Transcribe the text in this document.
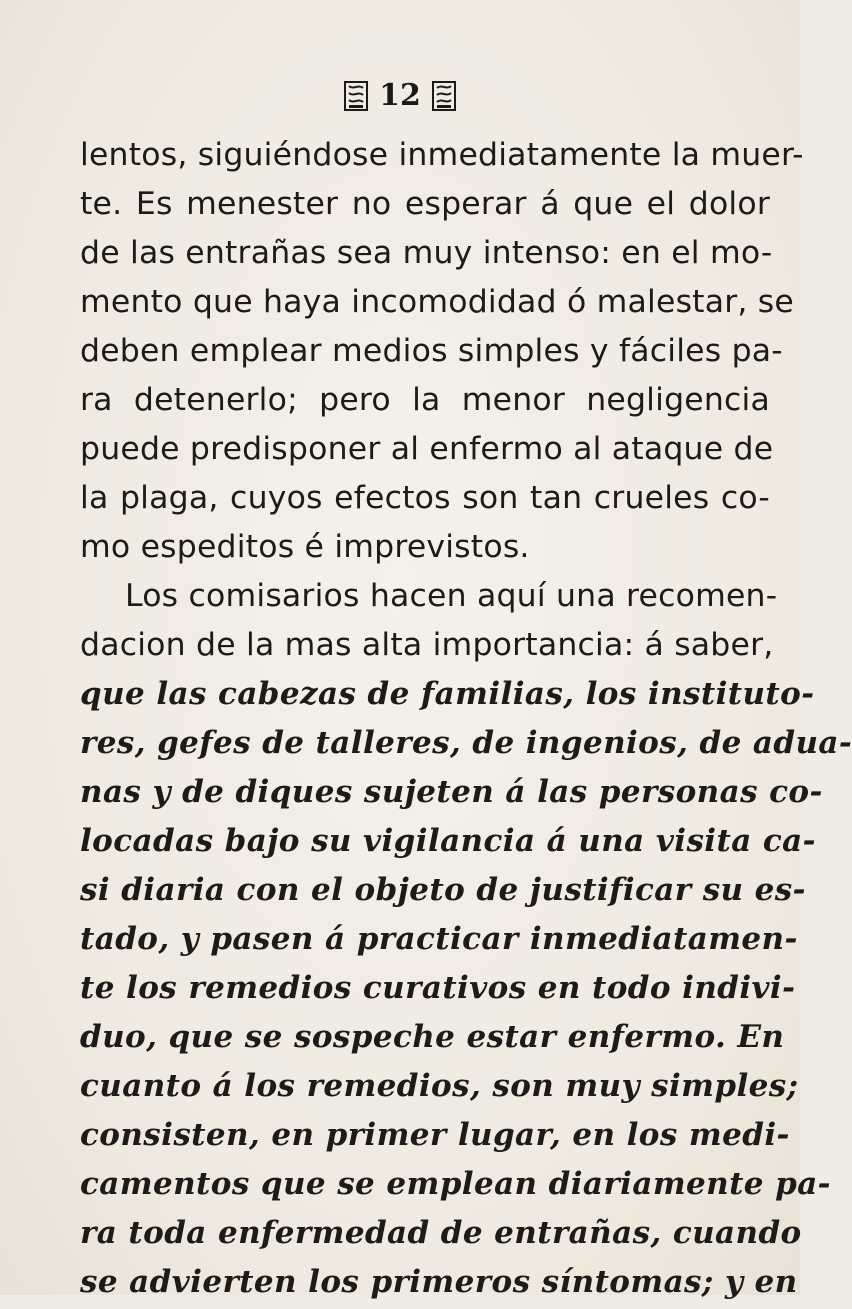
12
lentos, siguiéndose inmediatamente la muer-
te. Es menester no esperar á que el dolor
de las entrañas sea muy intenso: en el mo-
mento que haya incomodidad ó malestar, se
deben emplear medios simples y fáciles pa-
ra detenerlo; pero la menor negligencia
puede predisponer al enfermo al ataque de
la plaga, cuyos efectos son tan crueles co-
mo espeditos é imprevistos.
Los comisarios hacen aquí una recomen-
dacion de la mas alta importancia: á saber,
que las cabezas de familias, los instituto-
res, gefes de talleres, de ingenios, de adua-
nas y de diques sujeten á las personas co-
locadas bajo su vigilancia á una visita ca-
si diaria con el objeto de justificar su es-
tado, y pasen á practicar inmediatamen-
te los remedios curativos en todo indivi-
duo, que se sospeche estar enfermo. En
cuanto á los remedios, son muy simples;
consisten, en primer lugar, en los medi-
camentos que se emplean diariamente pa-
ra toda enfermedad de entrañas, cuando
se advierten los primeros síntomas; y en
